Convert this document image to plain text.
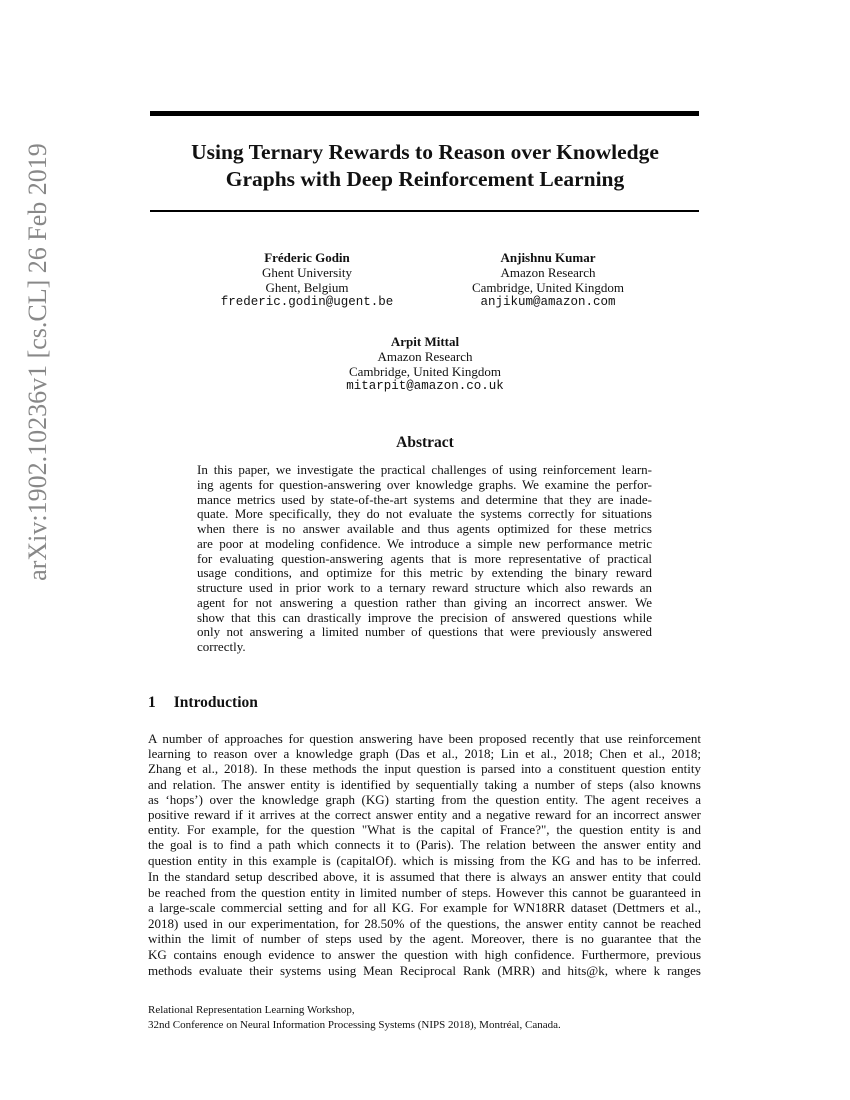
arXiv:1902.10236v1 [cs.CL] 26 Feb 2019	Using Ternary Rewards to Reason over Knowledge
Graphs with Deep Reinforcement Learning
Fréderic Godin
Ghent University
Ghent, Belgium
frederic.godin@ugent.be
Anjishnu Kumar
Amazon Research
Cambridge, United Kingdom
anjikum@amazon.com
Arpit Mittal
Amazon Research
Cambridge, United Kingdom
mitarpit@amazon.co.uk
Abstract
In this paper, we investigate the practical challenges of using reinforcement learn-
ing agents for question-answering over knowledge graphs. We examine the perfor-
mance metrics used by state-of-the-art systems and determine that they are inade-
quate. More specifically, they do not evaluate the systems correctly for situations
when there is no answer available and thus agents optimized for these metrics
are poor at modeling confidence. We introduce a simple new performance metric
for evaluating question-answering agents that is more representative of practical
usage conditions, and optimize for this metric by extending the binary reward
structure used in prior work to a ternary reward structure which also rewards an
agent for not answering a question rather than giving an incorrect answer. We
show that this can drastically improve the precision of answered questions while
only not answering a limited number of questions that were previously answered
correctly.
1 Introduction
A number of approaches for question answering have been proposed recently that use reinforcement
learning to reason over a knowledge graph (Das et al., 2018; Lin et al., 2018; Chen et al., 2018;
Zhang et al., 2018). In these methods the input question is parsed into a constituent question entity
and relation. The answer entity is identified by sequentially taking a number of steps (also knowns
as ‘hops’) over the knowledge graph (KG) starting from the question entity. The agent receives a
positive reward if it arrives at the correct answer entity and a negative reward for an incorrect answer
entity. For example, for the question "What is the capital of France?", the question entity is and
the goal is to find a path which connects it to (Paris). The relation between the answer entity and
question entity in this example is (capitalOf). which is missing from the KG and has to be inferred.
In the standard setup described above, it is assumed that there is always an answer entity that could
be reached from the question entity in limited number of steps. However this cannot be guaranteed in
a large-scale commercial setting and for all KG. For example for WN18RR dataset (Dettmers et al.,
2018) used in our experimentation, for 28.50% of the questions, the answer entity cannot be reached
within the limit of number of steps used by the agent. Moreover, there is no guarantee that the
KG contains enough evidence to answer the question with high confidence. Furthermore, previous
methods evaluate their systems using Mean Reciprocal Rank (MRR) and hits@k, where k ranges
Relational Representation Learning Workshop,
32nd Conference on Neural Information Processing Systems (NIPS 2018), Montréal, Canada.
